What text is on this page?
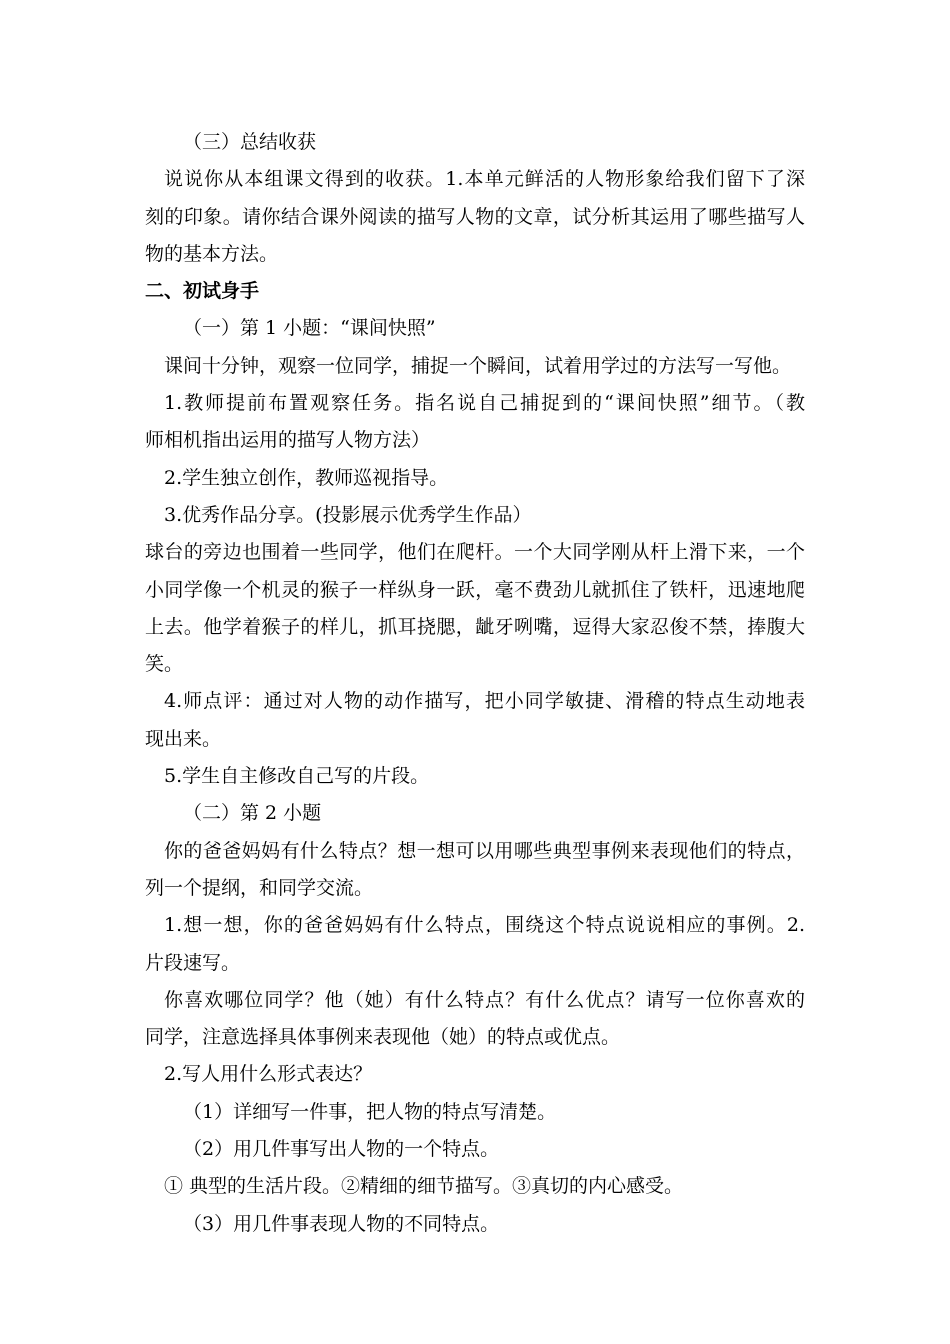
（三）总结收获
说说你从本组课文得到的收获。1.本单元鲜活的人物形象给我们留下了深
刻的印象。请你结合课外阅读的描写人物的文章，试分析其运用了哪些描写人
物的基本方法。
二、初试身手
（一）第 1 小题：“课间快照”
课间十分钟，观察一位同学，捕捉一个瞬间，试着用学过的方法写一写他。
1.教师提前布置观察任务。指名说自己捕捉到的“课间快照”细节。（教
师相机指出运用的描写人物方法）
2.学生独立创作，教师巡视指导。
3.优秀作品分享。(投影展示优秀学生作品）
球台的旁边也围着一些同学，他们在爬杆。一个大同学刚从杆上滑下来，一个
小同学像一个机灵的猴子一样纵身一跃，毫不费劲儿就抓住了铁杆，迅速地爬
上去。他学着猴子的样儿，抓耳挠腮，龇牙咧嘴，逗得大家忍俊不禁，捧腹大
笑。
4.师点评：通过对人物的动作描写，把小同学敏捷、滑稽的特点生动地表
现出来。
5.学生自主修改自己写的片段。
（二）第 2 小题
你的爸爸妈妈有什么特点？想一想可以用哪些典型事例来表现他们的特点，
列一个提纲，和同学交流。
1.想一想，你的爸爸妈妈有什么特点，围绕这个特点说说相应的事例。2.
片段速写。
你喜欢哪位同学？他（她）有什么特点？有什么优点？请写一位你喜欢的
同学，注意选择具体事例来表现他（她）的特点或优点。
2.写人用什么形式表达？
（1）详细写一件事，把人物的特点写清楚。
（2）用几件事写出人物的一个特点。
① 典型的生活片段。②精细的细节描写。③真切的内心感受。
（3）用几件事表现人物的不同特点。
